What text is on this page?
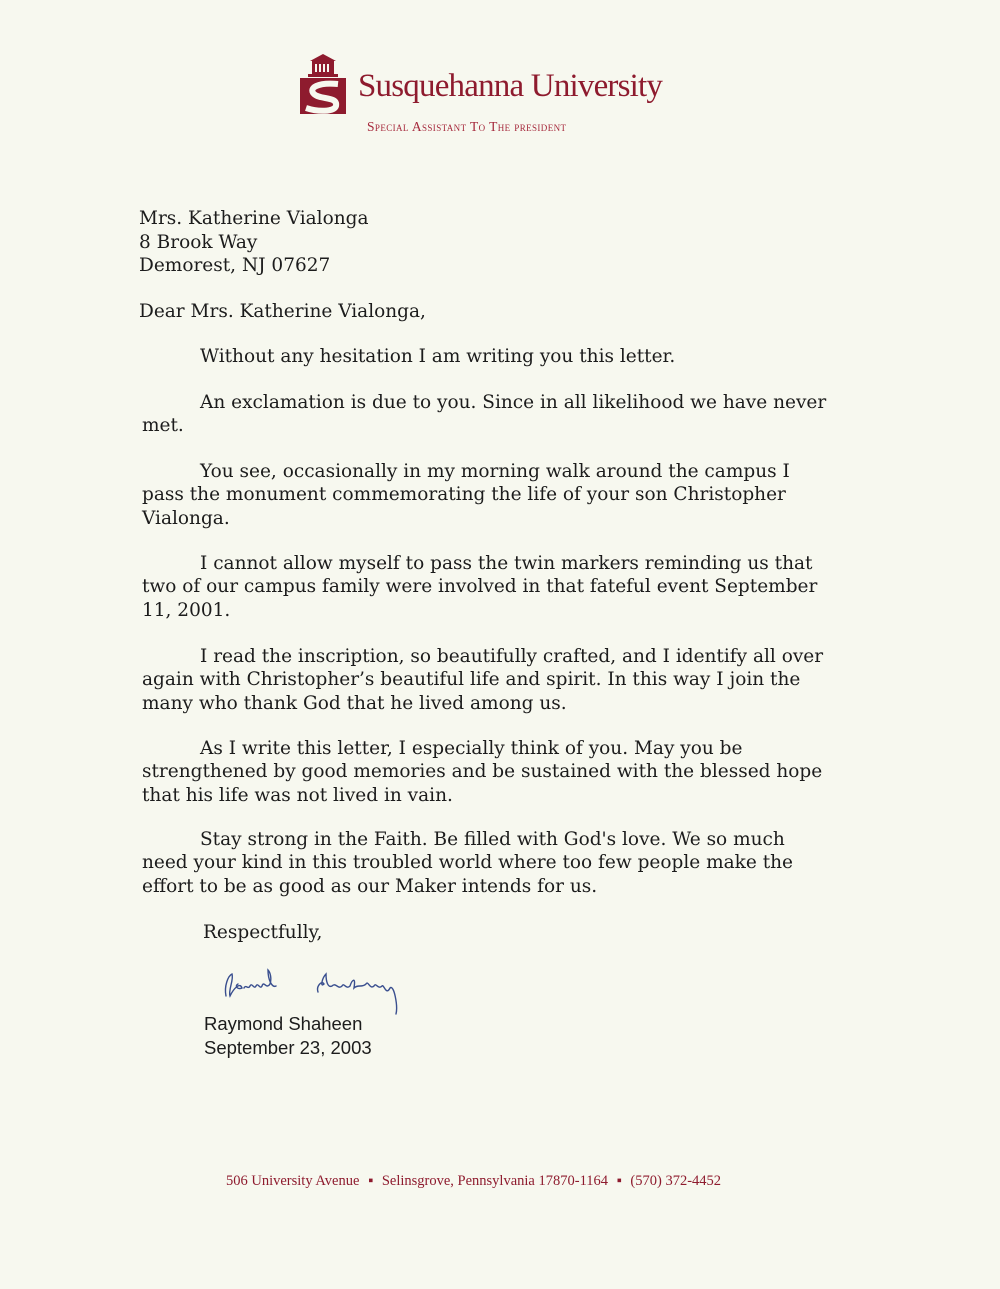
Susquehanna University
Special Assistant To The president
Mrs. Katherine Vialonga
8 Brook Way
Demorest, NJ 07627
Dear Mrs. Katherine Vialonga,
Without any hesitation I am writing you this letter.
An exclamation is due to you. Since in all likelihood we have never met.
You see, occasionally in my morning walk around the campus I pass the monument commemorating the life of your son Christopher Vialonga.
I cannot allow myself to pass the twin markers reminding us that two of our campus family were involved in that fateful event September 11, 2001.
I read the inscription, so beautifully crafted, and I identify all over again with Christopher’s beautiful life and spirit. In this way I join the many who thank God that he lived among us.
As I write this letter, I especially think of you. May you be strengthened by good memories and be sustained with the blessed hope that his life was not lived in vain.
Stay strong in the Faith. Be filled with God's love. We so much need your kind in this troubled world where too few people make the effort to be as good as our Maker intends for us.
Respectfully,
Raymond Shaheen
September 23, 2003
506 University Avenue ▪ Selinsgrove, Pennsylvania 17870-1164 ▪ (570) 372-4452
